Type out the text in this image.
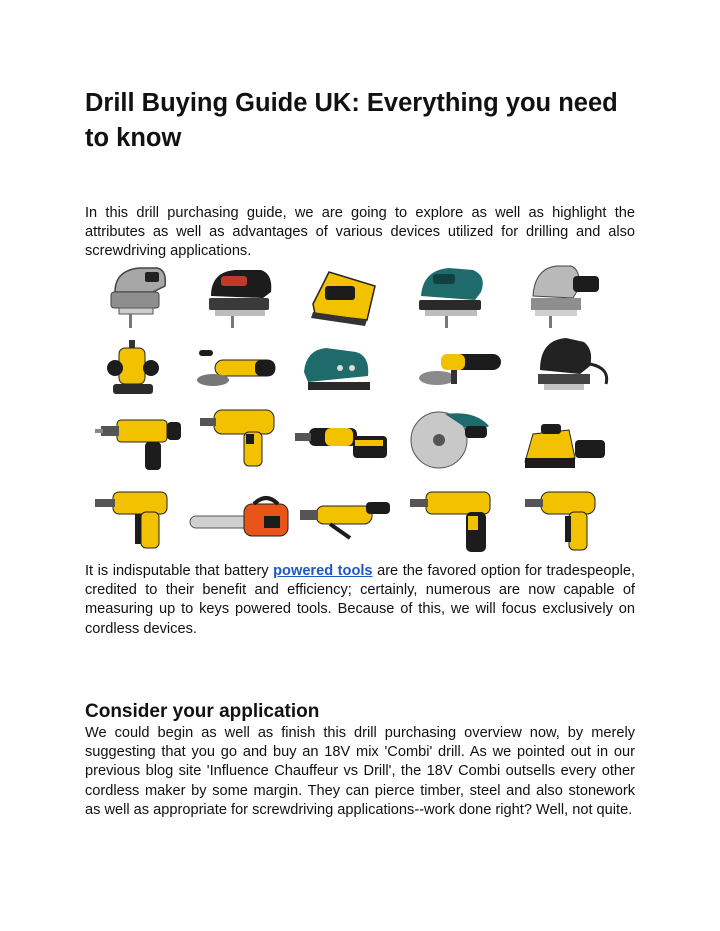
Drill Buying Guide UK: Everything you need to know

In this drill purchasing guide, we are going to explore as well as highlight the attributes as well as advantages of various devices utilized for drilling and also screwdriving applications.

It is indisputable that battery powered tools are the favored option for tradespeople, credited to their benefit and efficiency; certainly, numerous are now capable of measuring up to keys powered tools. Because of this, we will focus exclusively on cordless devices.

Consider your application

We could begin as well as finish this drill purchasing overview now, by merely suggesting that you go and buy an 18V mix 'Combi' drill. As we pointed out in our previous blog site 'Influence Chauffeur vs Drill', the 18V Combi outsells every other cordless maker by some margin. They can pierce timber, steel and also stonework as well as appropriate for screwdriving applications--work done right? Well, not quite.
